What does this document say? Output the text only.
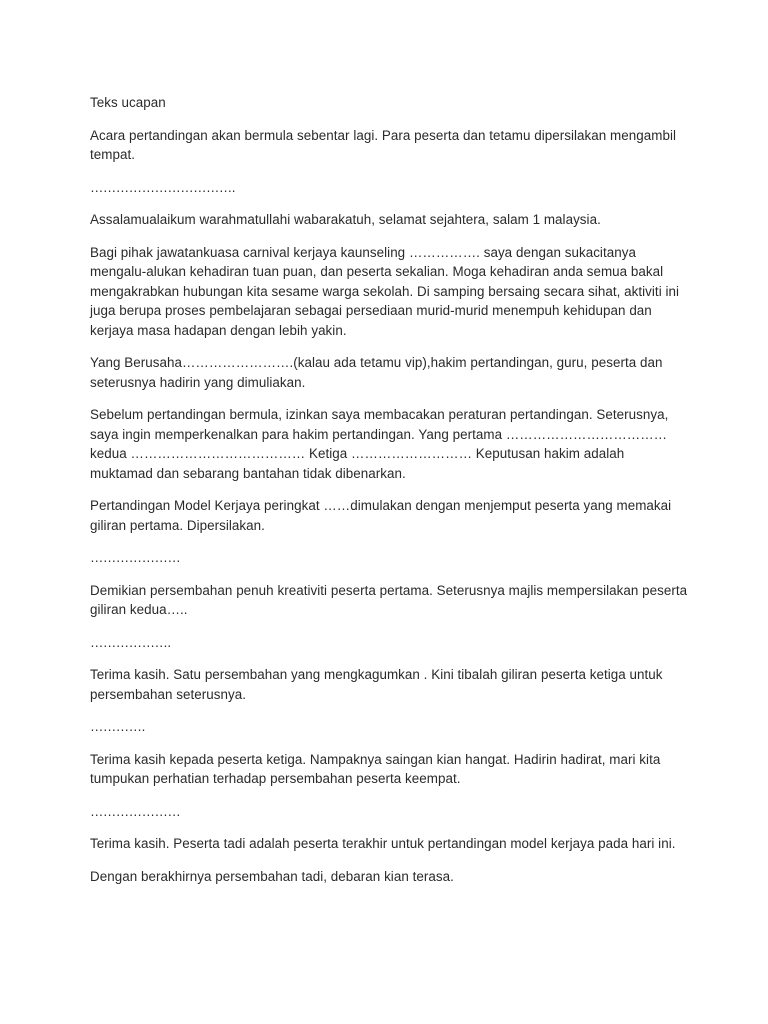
Teks ucapan

Acara pertandingan akan bermula sebentar lagi. Para peserta dan tetamu dipersilakan mengambil tempat.

…………………………….

Assalamualaikum warahmatullahi wabarakatuh, selamat sejahtera, salam 1 malaysia.

Bagi pihak jawatankuasa carnival kerjaya kaunseling ……………. saya dengan sukacitanya mengalu-alukan kehadiran tuan puan, dan peserta sekalian. Moga kehadiran anda semua bakal mengakrabkan hubungan kita sesame warga sekolah. Di samping bersaing secara sihat, aktiviti ini juga berupa proses pembelajaran sebagai persediaan murid-murid menempuh kehidupan dan kerjaya masa hadapan dengan lebih yakin.

Yang Berusaha…………………….(kalau ada tetamu vip),hakim pertandingan, guru, peserta dan seterusnya hadirin yang dimuliakan.

Sebelum pertandingan bermula, izinkan saya membacakan peraturan pertandingan. Seterusnya, saya ingin memperkenalkan para hakim pertandingan. Yang pertama ……………………………… kedua ………………………………… Ketiga ……………………… Keputusan hakim adalah muktamad dan sebarang bantahan tidak dibenarkan.

Pertandingan Model Kerjaya peringkat ……dimulakan dengan menjemput peserta yang memakai giliran pertama. Dipersilakan.

…………………

Demikian persembahan penuh kreativiti peserta pertama. Seterusnya majlis mempersilakan peserta giliran kedua…..

……………….

Terima kasih. Satu persembahan yang mengkagumkan . Kini tibalah giliran peserta ketiga untuk persembahan seterusnya.

………….

Terima kasih kepada peserta ketiga. Nampaknya saingan kian hangat. Hadirin hadirat, mari kita tumpukan perhatian terhadap persembahan peserta keempat.

…………………

Terima kasih. Peserta tadi adalah peserta terakhir untuk pertandingan model kerjaya pada hari ini.

Dengan berakhirnya persembahan tadi, debaran kian terasa.
